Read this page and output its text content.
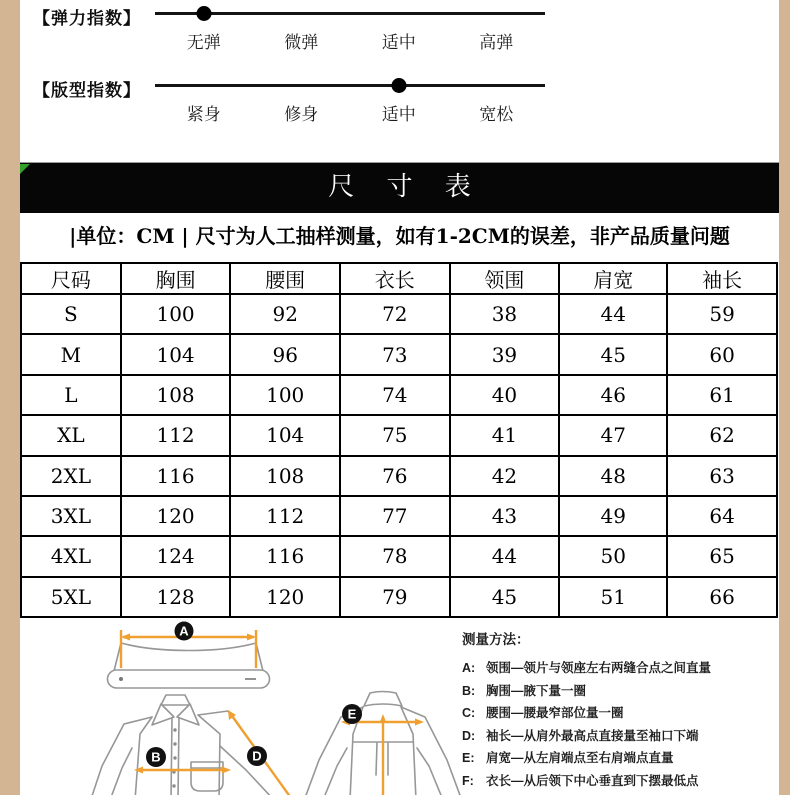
【弹力指数】
无弹	微弹	适中	高弹
【版型指数】
紧身	修身	适中	宽松
尺 寸 表
|单位：CM | 尺寸为人工抽样测量，如有1-2CM的误差，非产品质量问题
尺码	胸围	腰围	衣长	领围	肩宽	袖长
S	100	92	72	38	44	59
M	104	96	73	39	45	60
L	108	100	74	40	46	61
XL	112	104	75	41	47	62
2XL	116	108	76	42	48	63
3XL	120	112	77	43	49	64
4XL	124	116	78	44	50	65
5XL	128	120	79	45	51	66
A
B	D
E

测量方法：

A: 领围—领片与领座左右两缝合点之间直量
B: 胸围—腋下量一圈
C: 腰围—腰最窄部位量一圈
D: 袖长—从肩外最高点直接量至袖口下端
E: 肩宽—从左肩端点至右肩端点直量
F: 衣长—从后领下中心垂直到下摆最低点
